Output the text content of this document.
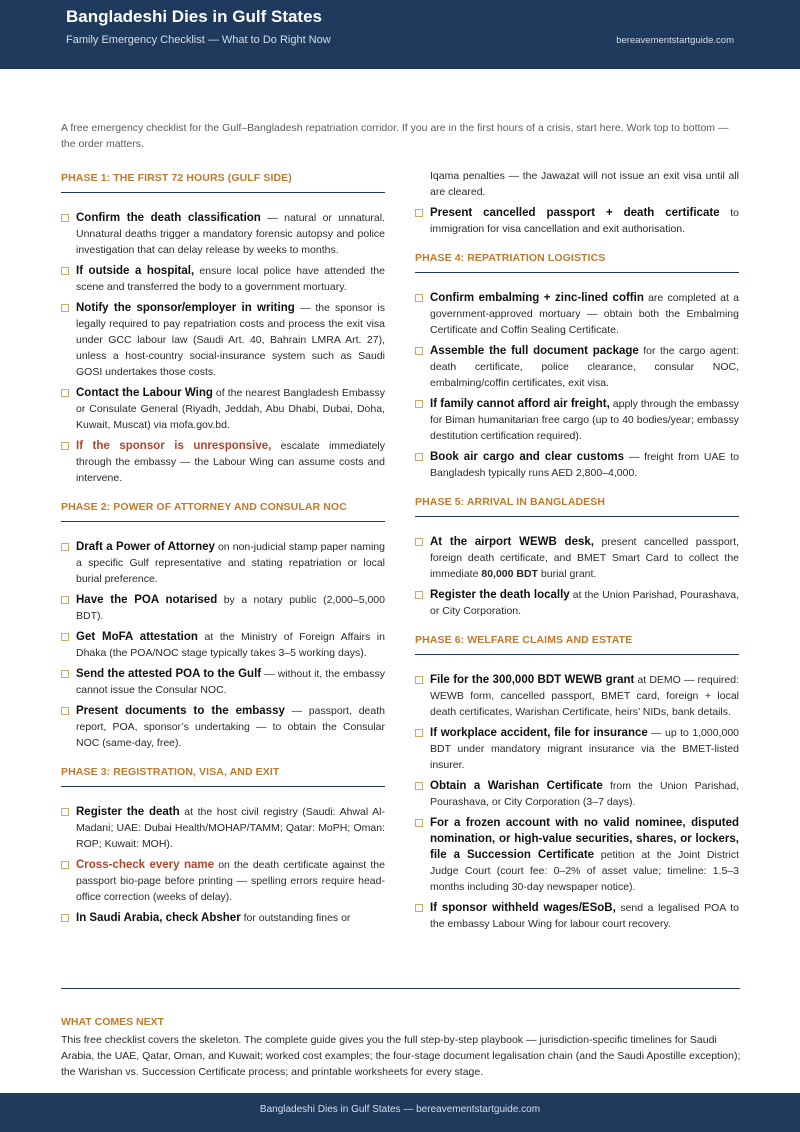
Bangladeshi Dies in Gulf States
Family Emergency Checklist — What to Do Right Now	bereavementstartguide.com
A free emergency checklist for the Gulf–Bangladesh repatriation corridor. If you are in the first hours of a crisis, start here. Work top to bottom — the order matters.
PHASE 1: THE FIRST 72 HOURS (GULF SIDE)
Confirm the death classification — natural or unnatural. Unnatural deaths trigger a mandatory forensic autopsy and police investigation that can delay release by weeks to months.
If outside a hospital, ensure local police have attended the scene and transferred the body to a government mortuary.
Notify the sponsor/employer in writing — the sponsor is legally required to pay repatriation costs and process the exit visa under GCC labour law (Saudi Art. 40, Bahrain LMRA Art. 27), unless a host-country social-insurance system such as Saudi GOSI undertakes those costs.
Contact the Labour Wing of the nearest Bangladesh Embassy or Consulate General (Riyadh, Jeddah, Abu Dhabi, Dubai, Doha, Kuwait, Muscat) via mofa.gov.bd.
If the sponsor is unresponsive, escalate immediately through the embassy — the Labour Wing can assume costs and intervene.
PHASE 2: POWER OF ATTORNEY AND CONSULAR NOC
Draft a Power of Attorney on non-judicial stamp paper naming a specific Gulf representative and stating repatriation or local burial preference.
Have the POA notarised by a notary public (2,000–5,000 BDT).
Get MoFA attestation at the Ministry of Foreign Affairs in Dhaka (the POA/NOC stage typically takes 3–5 working days).
Send the attested POA to the Gulf — without it, the embassy cannot issue the Consular NOC.
Present documents to the embassy — passport, death report, POA, sponsor’s undertaking — to obtain the Consular NOC (same-day, free).
PHASE 3: REGISTRATION, VISA, AND EXIT
Register the death at the host civil registry (Saudi: Ahwal Al-Madani; UAE: Dubai Health/MOHAP/TAMM; Qatar: MoPH; Oman: ROP; Kuwait: MOH).
Cross-check every name on the death certificate against the passport bio-page before printing — spelling errors require head-office correction (weeks of delay).
In Saudi Arabia, check Absher for outstanding fines or
Iqama penalties — the Jawazat will not issue an exit visa until all are cleared.
Present cancelled passport + death certificate to immigration for visa cancellation and exit authorisation.
PHASE 4: REPATRIATION LOGISTICS
Confirm embalming + zinc-lined coffin are completed at a government-approved mortuary — obtain both the Embalming Certificate and Coffin Sealing Certificate.
Assemble the full document package for the cargo agent: death certificate, police clearance, consular NOC, embalming/coffin certificates, exit visa.
If family cannot afford air freight, apply through the embassy for Biman humanitarian free cargo (up to 40 bodies/year; embassy destitution certification required).
Book air cargo and clear customs — freight from UAE to Bangladesh typically runs AED 2,800–4,000.
PHASE 5: ARRIVAL IN BANGLADESH
At the airport WEWB desk, present cancelled passport, foreign death certificate, and BMET Smart Card to collect the immediate 80,000 BDT burial grant.
Register the death locally at the Union Parishad, Pourashava, or City Corporation.
PHASE 6: WELFARE CLAIMS AND ESTATE
File for the 300,000 BDT WEWB grant at DEMO — required: WEWB form, cancelled passport, BMET card, foreign + local death certificates, Warishan Certificate, heirs’ NIDs, bank details.
If workplace accident, file for insurance — up to 1,000,000 BDT under mandatory migrant insurance via the BMET-listed insurer.
Obtain a Warishan Certificate from the Union Parishad, Pourashava, or City Corporation (3–7 days).
For a frozen account with no valid nominee, disputed nomination, or high-value securities, shares, or lockers, file a Succession Certificate petition at the Joint District Judge Court (court fee: 0–2% of asset value; timeline: 1.5–3 months including 30-day newspaper notice).
If sponsor withheld wages/ESoB, send a legalised POA to the embassy Labour Wing for labour court recovery.
WHAT COMES NEXT
This free checklist covers the skeleton. The complete guide gives you the full step-by-step playbook — jurisdiction-specific timelines for Saudi Arabia, the UAE, Qatar, Oman, and Kuwait; worked cost examples; the four-stage document legalisation chain (and the Saudi Apostille exception); the Warishan vs. Succession Certificate process; and printable worksheets for every stage.
Bangladeshi Dies in Gulf States — bereavementstartguide.com
